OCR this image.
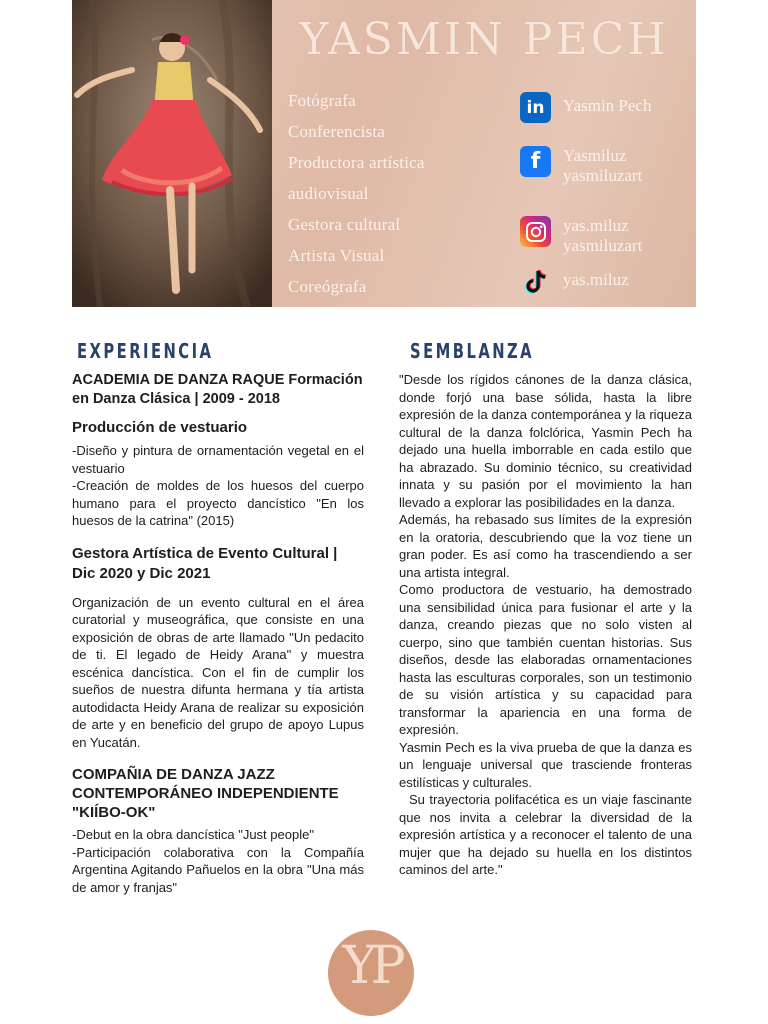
YASMIN PECH
Fotógrafa
Conferencista
Productora artística
audiovisual
Gestora cultural
Artista Visual
Coreógrafa
in	Yasmin Pech
f	Yasmiluz
yasmiluzart
yas.miluz
yasmiluzart
yas.miluz
EXPERIENCIA	SEMBLANZA

ACADEMIA DE DANZA RAQUE Formación en Danza Clásica | 2009 - 2018

Producción de vestuario

-Diseño y pintura de ornamentación vegetal en el vestuario

-Creación de moldes de los huesos del cuerpo humano para el proyecto dancístico "En los huesos de la catrina" (2015)

Gestora Artística de Evento Cultural | Dic 2020 y Dic 2021

Organización de un evento cultural en el área curatorial y museográfica, que consiste en una exposición de obras de arte llamado "Un pedacito de ti. El legado de Heidy Arana" y muestra escénica dancística. Con el fin de cumplir los sueños de nuestra difunta hermana y tía artista autodidacta Heidy Arana de realizar su exposición de arte y en beneficio del grupo de apoyo Lupus en Yucatán.

COMPAÑIA DE DANZA JAZZ CONTEMPORÁNEO INDEPENDIENTE "KIÍBO-OK"

-Debut en la obra dancística "Just people"

-Participación colaborativa con la Compañía Argentina Agitando Pañuelos en la obra "Una más de amor y franjas"

"Desde los rígidos cánones de la danza clásica, donde forjó una base sólida, hasta la libre expresión de la danza contemporánea y la riqueza cultural de la danza folclórica, Yasmin Pech ha dejado una huella imborrable en cada estilo que ha abrazado. Su dominio técnico, su creatividad innata y su pasión por el movimiento la han llevado a explorar las posibilidades en la danza.

Además, ha rebasado sus límites de la expresión en la oratoria, descubriendo que la voz tiene un gran poder. Es así como ha trascendiendo a ser una artista integral.

Como productora de vestuario, ha demostrado una sensibilidad única para fusionar el arte y la danza, creando piezas que no solo visten al cuerpo, sino que también cuentan historias. Sus diseños, desde las elaboradas ornamentaciones hasta las esculturas corporales, son un testimonio de su visión artística y su capacidad para transformar la apariencia en una forma de expresión.

Yasmin Pech es la viva prueba de que la danza es un lenguaje universal que trasciende fronteras estilísticas y culturales.

Su trayectoria polifacética es un viaje fascinante que nos invita a celebrar la diversidad de la expresión artística y a reconocer el talento de una mujer que ha dejado su huella en los distintos caminos del arte."

YP
